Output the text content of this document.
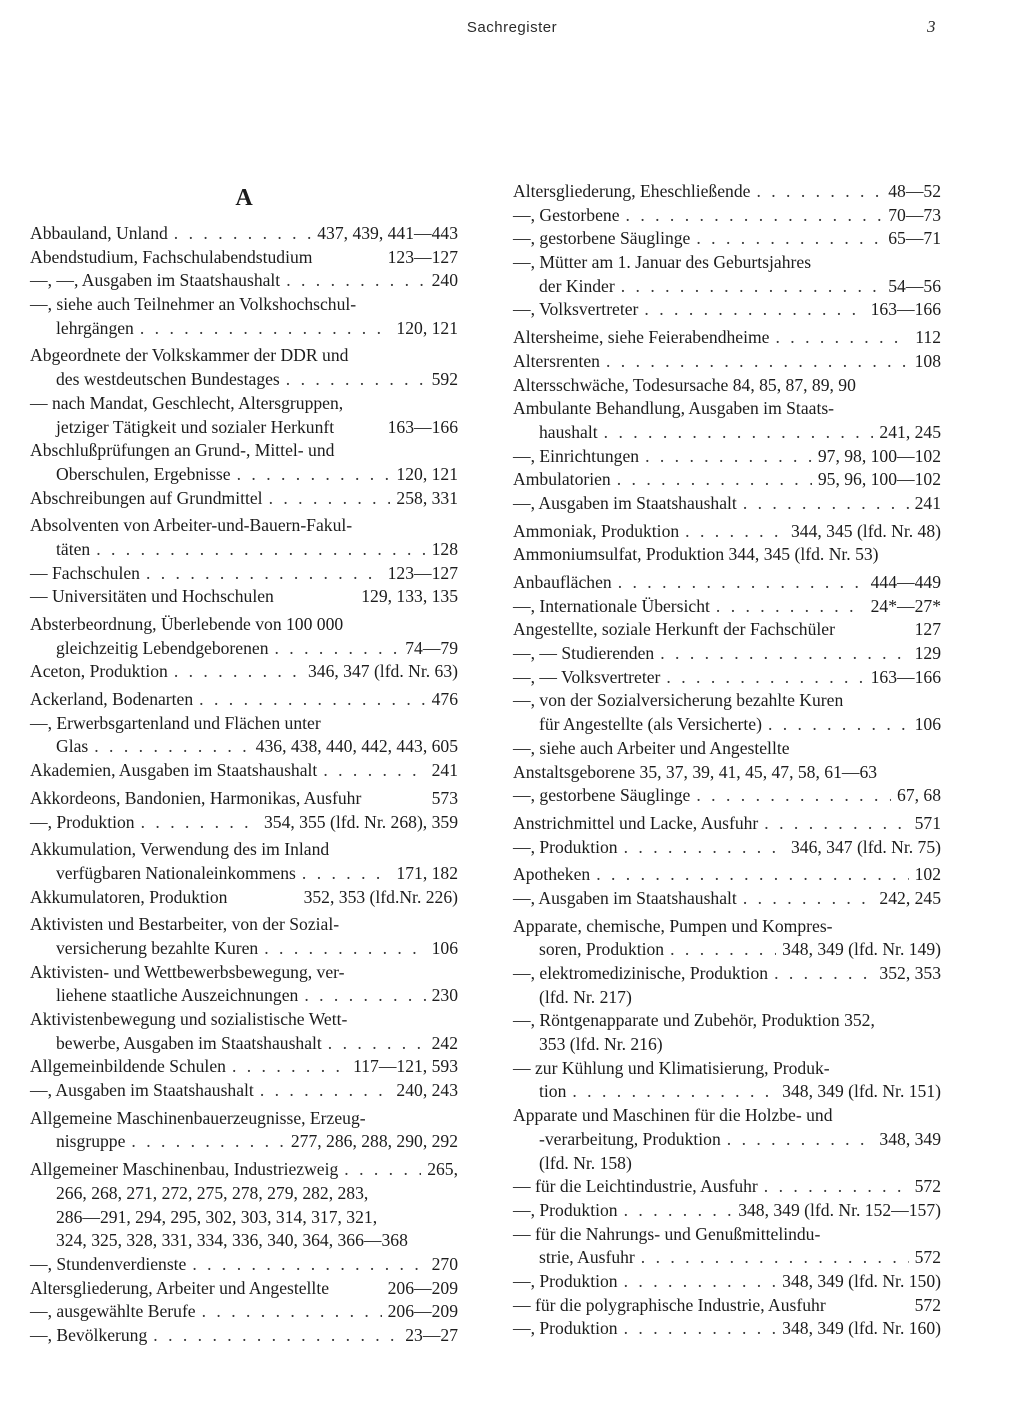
Sachregister	3
A
Abbauland, Unland . . .	437, 439, 441—443
Abendstudium, Fachschulabendstudium	123—127
—, —, Ausgaben im Staatshaushalt . . .	240
—, siehe auch Teilnehmer an Volkshochschul-
lehrgängen . . .	120, 121
Abgeordnete der Volkskammer der DDR und
des westdeutschen Bundestages . . .	592
— nach Mandat, Geschlecht, Altersgruppen,
jetziger Tätigkeit und sozialer Herkunft	163—166
Abschlußprüfungen an Grund-, Mittel- und
Oberschulen, Ergebnisse . . .	120, 121
Abschreibungen auf Grundmittel . . .	258, 331
Absolventen von Arbeiter-und-Bauern-Fakul-
täten . . .	128
— Fachschulen . . .	123—127
— Universitäten und Hochschulen	129, 133, 135
Absterbeordnung, Überlebende von 100 000
gleichzeitig Lebendgeborenen . . .	74—79
Aceton, Produktion . . .	346, 347 (lfd. Nr. 63)
Ackerland, Bodenarten . . .	476
—, Erwerbsgartenland und Flächen unter
Glas . . .	436, 438, 440, 442, 443, 605
Akademien, Ausgaben im Staatshaushalt . . .	241
Akkordeons, Bandonien, Harmonikas, Ausfuhr	573
—, Produktion . . .	354, 355 (lfd. Nr. 268), 359
Akkumulation, Verwendung des im Inland
verfügbaren Nationaleinkommens . . .	171, 182
Akkumulatoren, Produktion	352, 353 (lfd.Nr. 226)
Aktivisten und Bestarbeiter, von der Sozial-
versicherung bezahlte Kuren . . .	106
Aktivisten- und Wettbewerbsbewegung, ver-
liehene staatliche Auszeichnungen . . .	230
Aktivistenbewegung und sozialistische Wett-
bewerbe, Ausgaben im Staatshaushalt . . .	242
Allgemeinbildende Schulen . . .	117—121, 593
—, Ausgaben im Staatshaushalt . . .	240, 243
Allgemeine Maschinenbauerzeugnisse, Erzeug-
nisgruppe . . .	277, 286, 288, 290, 292
Allgemeiner Maschinenbau, Industriezweig . . .	265,
266, 268, 271, 272, 275, 278, 279, 282, 283,
286—291, 294, 295, 302, 303, 314, 317, 321,
324, 325, 328, 331, 334, 336, 340, 364, 366—368
—, Stundenverdienste . . .	270
Altersgliederung, Arbeiter und Angestellte	206—209
—, ausgewählte Berufe . . .	206—209
—, Bevölkerung . . .	23—27
Altersgliederung, Eheschließende . . .	48—52
—, Gestorbene . . .	70—73
—, gestorbene Säuglinge . . .	65—71
—, Mütter am 1. Januar des Geburtsjahres
der Kinder . . .	54—56
—, Volksvertreter . . .	163—166
Altersheime, siehe Feierabendheime . . .	112
Altersrenten . . .	108
Altersschwäche, Todesursache 84, 85, 87, 89, 90
Ambulante Behandlung, Ausgaben im Staats-
haushalt . . .	241, 245
—, Einrichtungen . . .	97, 98, 100—102
Ambulatorien . . .	95, 96, 100—102
—, Ausgaben im Staatshaushalt . . .	241
Ammoniak, Produktion . . .	344, 345 (lfd. Nr. 48)
Ammoniumsulfat, Produktion 344, 345 (lfd. Nr. 53)
Anbauflächen . . .	444—449
—, Internationale Übersicht . . .	24*—27*
Angestellte, soziale Herkunft der Fachschüler	127
—, — Studierenden . . .	129
—, — Volksvertreter . . .	163—166
—, von der Sozialversicherung bezahlte Kuren
für Angestellte (als Versicherte) . . .	106
—, siehe auch Arbeiter und Angestellte
Anstaltsgeborene 35, 37, 39, 41, 45, 47, 58, 61—63
—, gestorbene Säuglinge . . .	67, 68
Anstrichmittel und Lacke, Ausfuhr . . .	571
—, Produktion . . .	346, 347 (lfd. Nr. 75)
Apotheken . . .	102
—, Ausgaben im Staatshaushalt . . .	242, 245
Apparate, chemische, Pumpen und Kompres-
soren, Produktion . . .	348, 349 (lfd. Nr. 149)
—, elektromedizinische, Produktion . . .	352, 353
(lfd. Nr. 217)
—, Röntgenapparate und Zubehör, Produktion 352,
353 (lfd. Nr. 216)
— zur Kühlung und Klimatisierung, Produk-
tion . . .	348, 349 (lfd. Nr. 151)
Apparate und Maschinen für die Holzbe- und
-verarbeitung, Produktion . . .	348, 349
(lfd. Nr. 158)
— für die Leichtindustrie, Ausfuhr . . .	572
—, Produktion . . .	348, 349 (lfd. Nr. 152—157)
— für die Nahrungs- und Genußmittelindu-
strie, Ausfuhr . . .	572
—, Produktion . . .	348, 349 (lfd. Nr. 150)
— für die polygraphische Industrie, Ausfuhr	572
—, Produktion . . .	348, 349 (lfd. Nr. 160)
